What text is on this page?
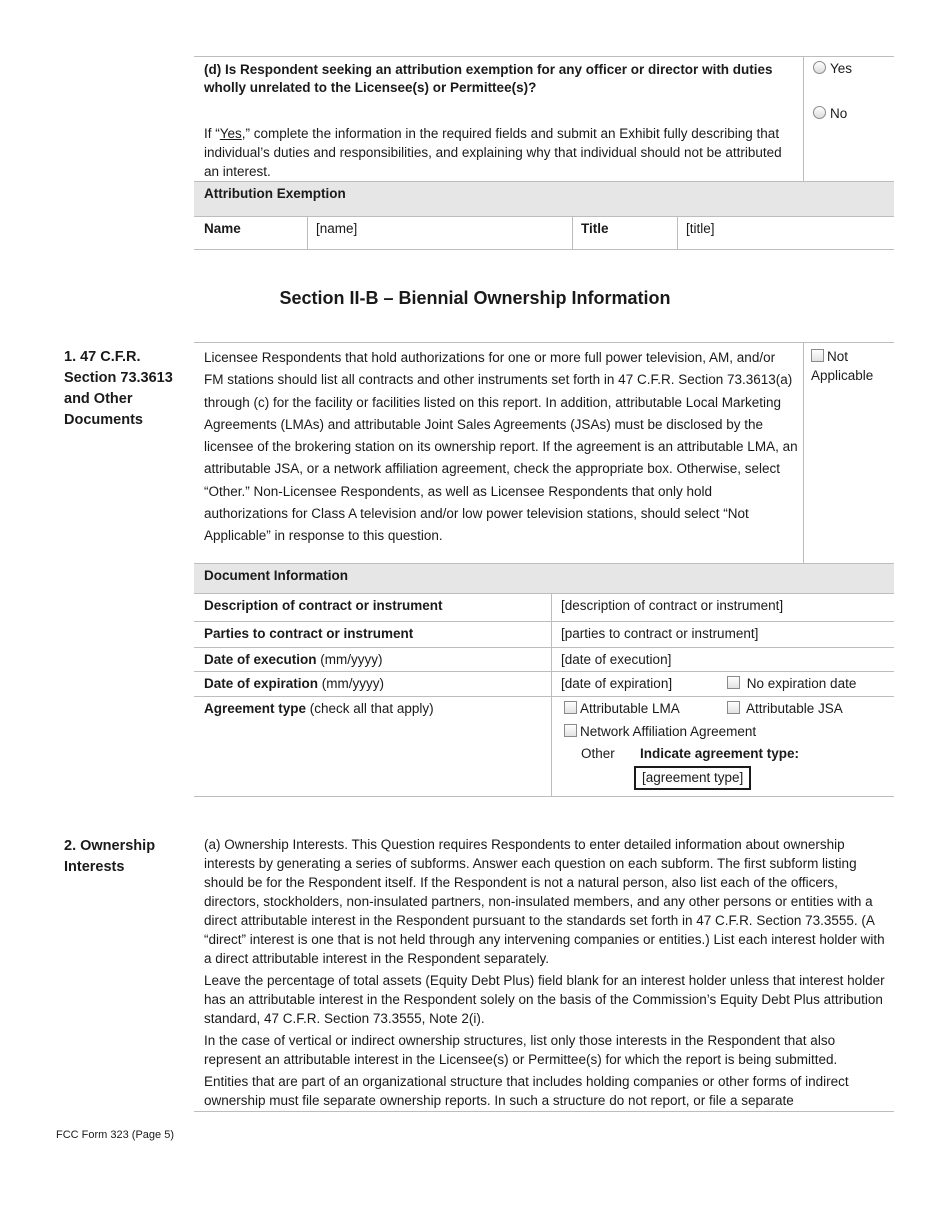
(d) Is Respondent seeking an attribution exemption for any officer or director with duties wholly unrelated to the Licensee(s) or Permittee(s)?
If “Yes,” complete the information in the required fields and submit an Exhibit fully describing that individual’s duties and responsibilities, and explaining why that individual should not be attributed an interest.
Yes
No
Attribution Exemption
Name	[name]	Title	[title]
Section II-B – Biennial Ownership Information
1. 47 C.F.R. Section 73.3613 and Other Documents
Licensee Respondents that hold authorizations for one or more full power television, AM, and/or FM stations should list all contracts and other instruments set forth in 47 C.F.R. Section 73.3613(a) through (c) for the facility or facilities listed on this report. In addition, attributable Local Marketing Agreements (LMAs) and attributable Joint Sales Agreements (JSAs) must be disclosed by the licensee of the brokering station on its ownership report. If the agreement is an attributable LMA, an attributable JSA, or a network affiliation agreement, check the appropriate box. Otherwise, select “Other.” Non-Licensee Respondents, as well as Licensee Respondents that only hold authorizations for Class A television and/or low power television stations, should select “Not Applicable” in response to this question.
Not Applicable
Document Information
Description of contract or instrument	[description of contract or instrument]
Parties to contract or instrument	[parties to contract or instrument]
Date of execution (mm/yyyy)	[date of execution]
Date of expiration (mm/yyyy)	[date of expiration]	No expiration date
Agreement type (check all that apply)	Attributable LMA	Attributable JSA
Network Affiliation Agreement
Other Indicate agreement type:
[agreement type]
2. Ownership Interests
(a) Ownership Interests. This Question requires Respondents to enter detailed information about ownership interests by generating a series of subforms. Answer each question on each subform. The first subform listing should be for the Respondent itself. If the Respondent is not a natural person, also list each of the officers, directors, stockholders, non-insulated partners, non-insulated members, and any other persons or entities with a direct attributable interest in the Respondent pursuant to the standards set forth in 47 C.F.R. Section 73.3555. (A “direct” interest is one that is not held through any intervening companies or entities.) List each interest holder with a direct attributable interest in the Respondent separately.
Leave the percentage of total assets (Equity Debt Plus) field blank for an interest holder unless that interest holder has an attributable interest in the Respondent solely on the basis of the Commission’s Equity Debt Plus attribution standard, 47 C.F.R. Section 73.3555, Note 2(i).
In the case of vertical or indirect ownership structures, list only those interests in the Respondent that also represent an attributable interest in the Licensee(s) or Permittee(s) for which the report is being submitted.
Entities that are part of an organizational structure that includes holding companies or other forms of indirect ownership must file separate ownership reports. In such a structure do not report, or file a separate
FCC Form 323 (Page 5)
